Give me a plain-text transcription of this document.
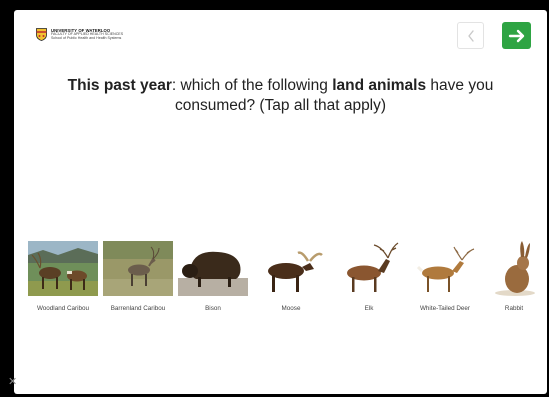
UNIVERSITY OF WATERLOO
FACULTY OF APPLIED HEALTH SCIENCES
School of Public Health and Health Systems
This past year: which of the following land animals have you consumed? (Tap all that apply)
Woodland Caribou	Barrenland Caribou	Bison	Moose	Elk	White-Tailed Deer	Rabbit
✕
